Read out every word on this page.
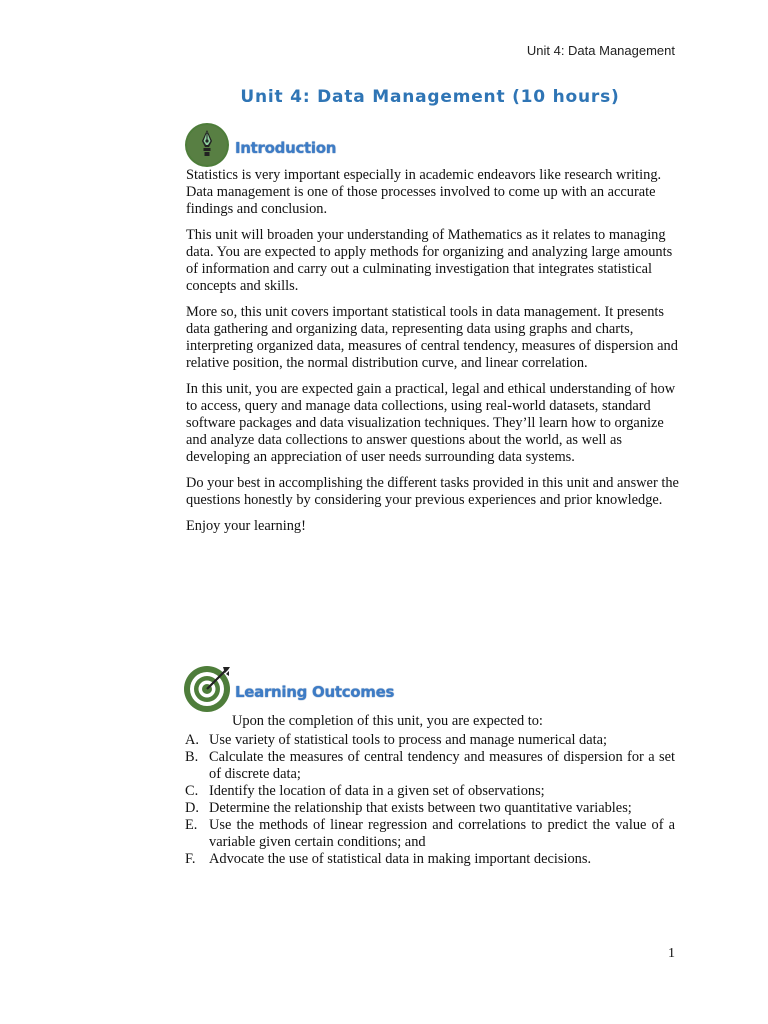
Unit 4: Data Management
Unit 4: Data Management (10 hours)
Introduction

Statistics is very important especially in academic endeavors like research writing. Data management is one of those processes involved to come up with an accurate findings and conclusion.

This unit will broaden your understanding of Mathematics as it relates to managing data. You are expected to apply methods for organizing and analyzing large amounts of information and carry out a culminating investigation that integrates statistical concepts and skills.

More so, this unit covers important statistical tools in data management. It presents data gathering and organizing data, representing data using graphs and charts, interpreting organized data, measures of central tendency, measures of dispersion and relative position, the normal distribution curve, and linear correlation.

In this unit, you are expected gain a practical, legal and ethical understanding of how to access, query and manage data collections, using real-world datasets, standard software packages and data visualization techniques. They’ll learn how to organize and analyze data collections to answer questions about the world, as well as developing an appreciation of user needs surrounding data systems.

Do your best in accomplishing the different tasks provided in this unit and answer the questions honestly by considering your previous experiences and prior knowledge.

Enjoy your learning!

Learning Outcomes
Upon the completion of this unit, you are expected to:
A. Use variety of statistical tools to process and manage numerical data;
B. Calculate the measures of central tendency and measures of dispersion for a set of discrete data;
C. Identify the location of data in a given set of observations;
D. Determine the relationship that exists between two quantitative variables;
E. Use the methods of linear regression and correlations to predict the value of a variable given certain conditions; and
F. Advocate the use of statistical data in making important decisions.
1
